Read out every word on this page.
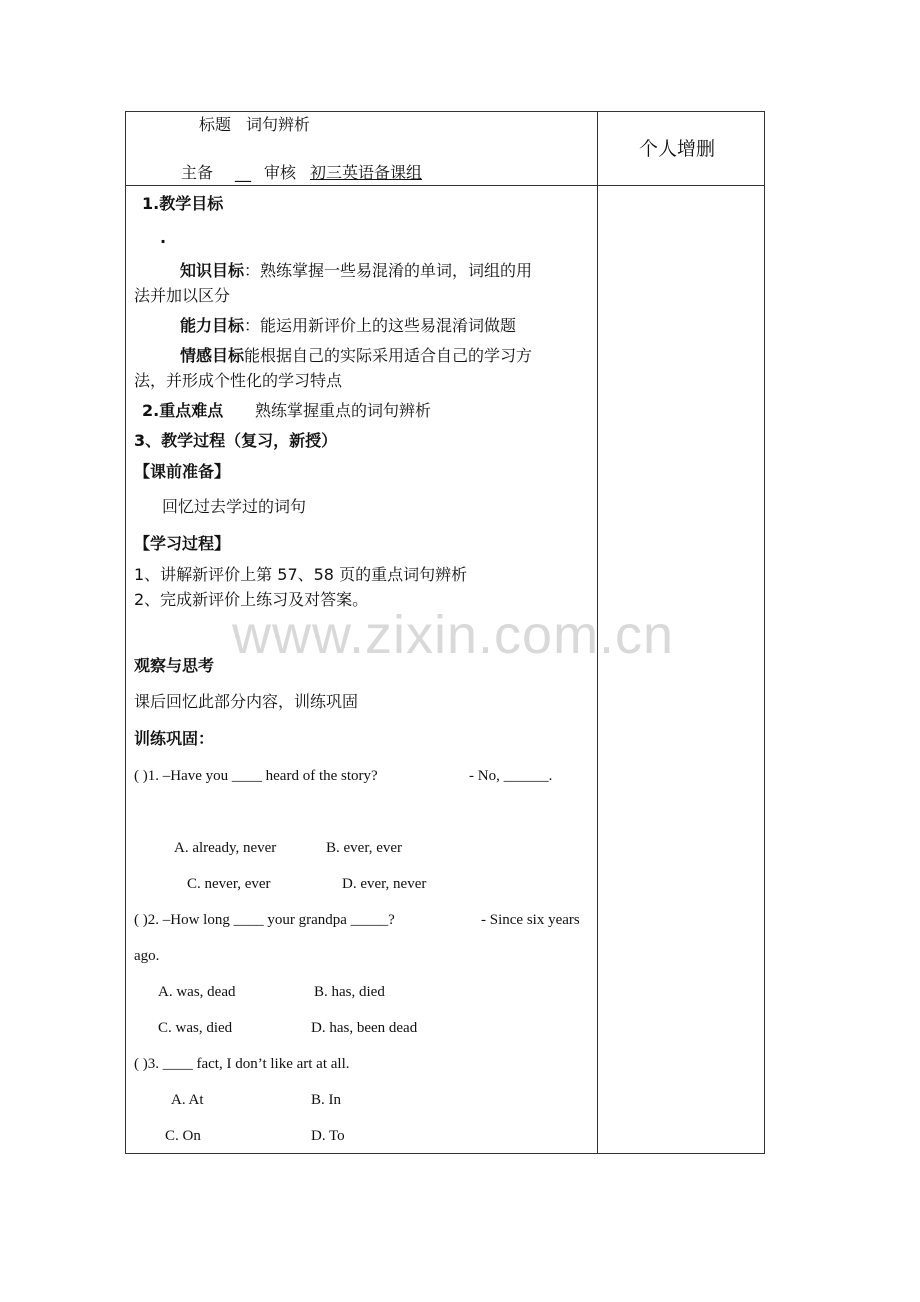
标题 词句辨析
主备 __ 审核 初三英语备课组
个人增删
1.教学目标
·
知识目标：熟练掌握一些易混淆的单词，词组的用
法并加以区分
能力目标：能运用新评价上的这些易混淆词做题
情感目标能根据自己的实际采用适合自己的学习方
法，并形成个性化的学习特点
2.重点难点 熟练掌握重点的词句辨析
3、教学过程（复习，新授）
【课前准备】
回忆过去学过的词句
【学习过程】
1、讲解新评价上第 57、58 页的重点词句辨析
2、完成新评价上练习及对答案。
观察与思考
课后回忆此部分内容，训练巩固
训练巩固：
( )1. –Have you ____ heard of the story?	- No, ______.
A. already, never	B. ever, ever
C. never, ever	D. ever, never
( )2. –How long ____ your grandpa _____?	- Since six years
ago.
A. was, dead	B. has, died
C. was, died	D. has, been dead
( )3. ____ fact, I don’t like art at all.
A. At	B. In
C. On	D. To
www.zixin.com.cn
